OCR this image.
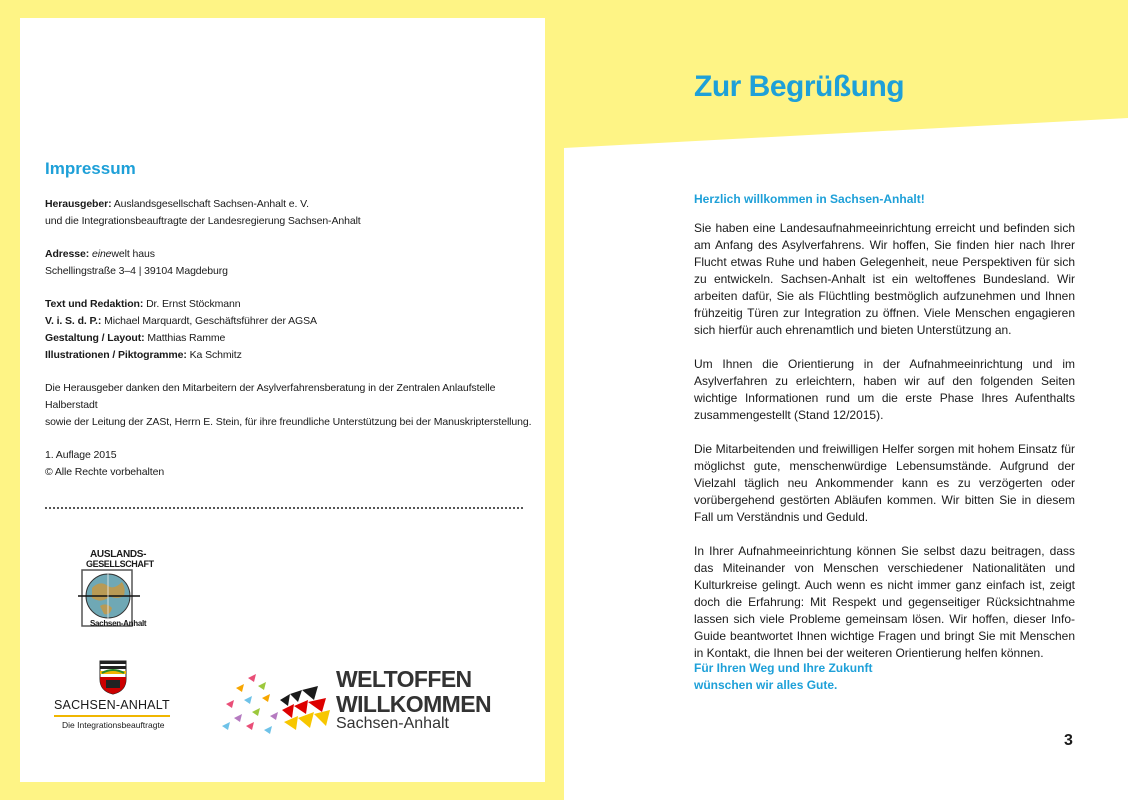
Impressum
Herausgeber: Auslandsgesellschaft Sachsen-Anhalt e. V.
und die Integrationsbeauftragte der Landesregierung Sachsen-Anhalt
Adresse: einewelt haus
Schellingstraße 3–4 | 39104 Magdeburg
Text und Redaktion: Dr. Ernst Stöckmann
V. i. S. d. P.: Michael Marquardt, Geschäftsführer der AGSA
Gestaltung / Layout: Matthias Ramme
Illustrationen / Piktogramme: Ka Schmitz
Die Herausgeber danken den Mitarbeitern der Asylverfahrensberatung in der Zentralen Anlaufstelle Halberstadt
sowie der Leitung der ZASt, Herrn E. Stein, für ihre freundliche Unterstützung bei der Manuskripterstellung.
1. Auflage 2015
© Alle Rechte vorbehalten
AUSLANDS-
GESELLSCHAFT
Sachsen-Anhalt
SACHSEN-ANHALT
Die Integrationsbeauftragte
WELTOFFEN
WILLKOMMEN
Sachsen-Anhalt
Zur Begrüßung
Herzlich willkommen in Sachsen-Anhalt!

Sie haben eine Landesaufnahmeeinrichtung erreicht und befinden sich am Anfang des Asylverfahrens. Wir hoffen, Sie finden hier nach Ihrer Flucht etwas Ruhe und haben Gelegenheit, neue Perspektiven für sich zu entwickeln. Sachsen-Anhalt ist ein weltoffenes Bundesland. Wir arbeiten dafür, Sie als Flüchtling bestmöglich aufzunehmen und Ihnen frühzeitig Türen zur Integration zu öffnen. Viele Menschen engagieren sich hierfür auch ehrenamtlich und bieten Unterstützung an.

Um Ihnen die Orientierung in der Aufnahmeeinrichtung und im Asylverfahren zu erleichtern, haben wir auf den folgenden Seiten wichtige Informationen rund um die erste Phase Ihres Aufenthalts zusammengestellt (Stand 12/2015).

Die Mitarbeitenden und freiwilligen Helfer sorgen mit hohem Einsatz für möglichst gute, menschenwürdige Lebensumstände. Aufgrund der Vielzahl täglich neu Ankommender kann es zu verzögerten oder vorübergehend gestörten Abläufen kommen. Wir bitten Sie in diesem Fall um Verständnis und Geduld.

In Ihrer Aufnahmeeinrichtung können Sie selbst dazu beitragen, dass das Miteinander von Menschen verschiedener Nationalitäten und Kulturkreise gelingt. Auch wenn es nicht immer ganz einfach ist, zeigt doch die Erfahrung: Mit Respekt und gegenseitiger Rücksichtnahme lassen sich viele Probleme gemeinsam lösen. Wir hoffen, dieser Info-Guide beantwortet Ihnen wichtige Fragen und bringt Sie mit Menschen in Kontakt, die Ihnen bei der weiteren Orientierung helfen können.

Für Ihren Weg und Ihre Zukunft
wünschen wir alles Gute.
3
